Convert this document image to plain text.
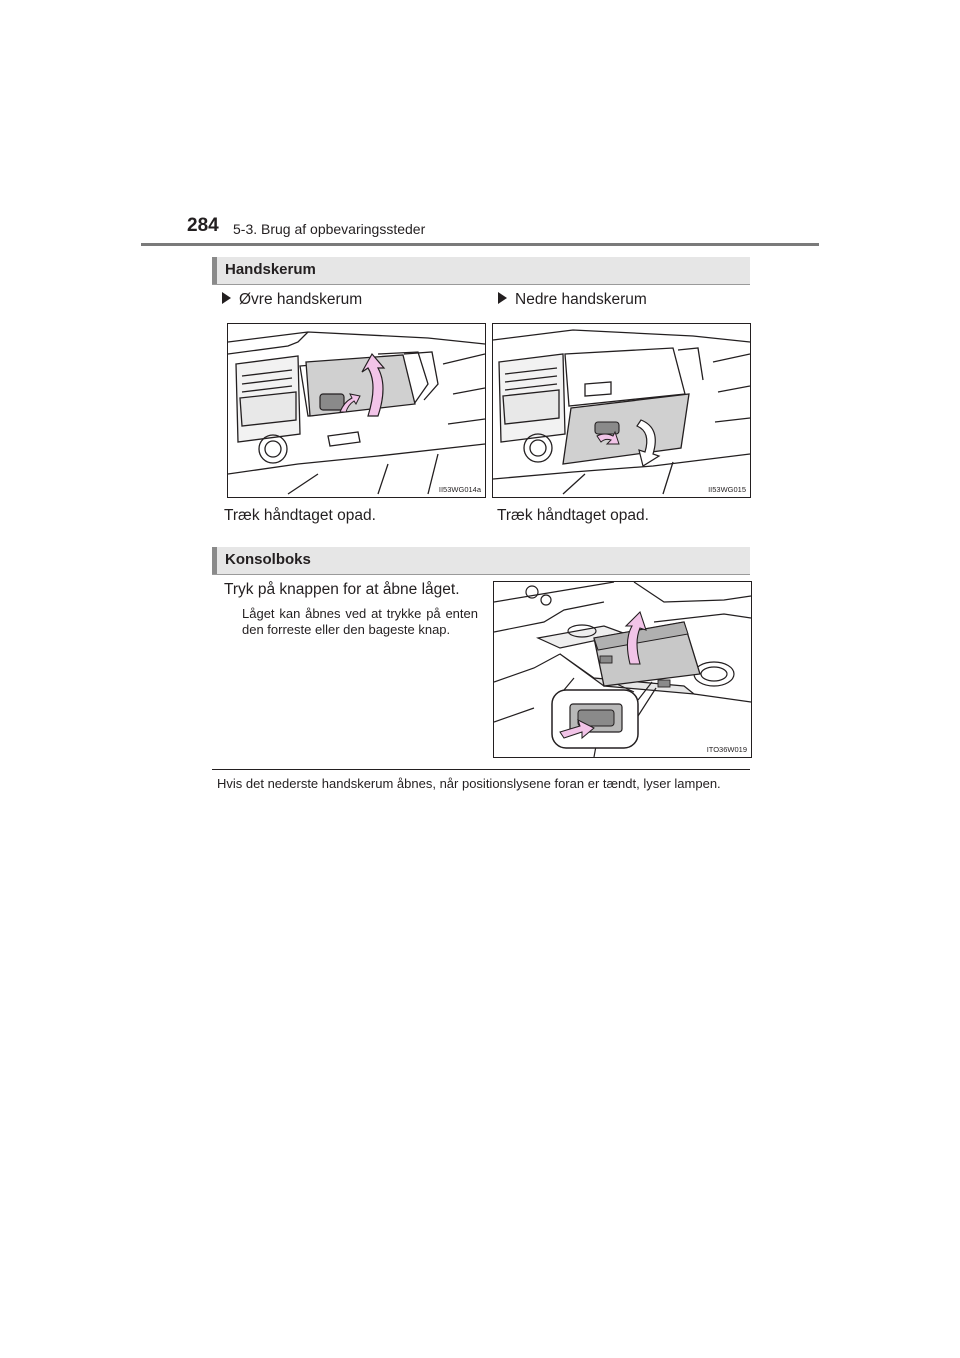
284 5-3. Brug af opbevaringssteder
Handskerum
Øvre handskerum	Nedre handskerum
II53WG014a	II53WG015
Træk håndtaget opad.	Træk håndtaget opad.
Konsolboks
Tryk på knappen for at åbne låget.
Låget kan åbnes ved at trykke på enten den forreste eller den bageste knap.
ITO36W019
Hvis det nederste handskerum åbnes, når positionslysene foran er tændt, lyser lampen.
